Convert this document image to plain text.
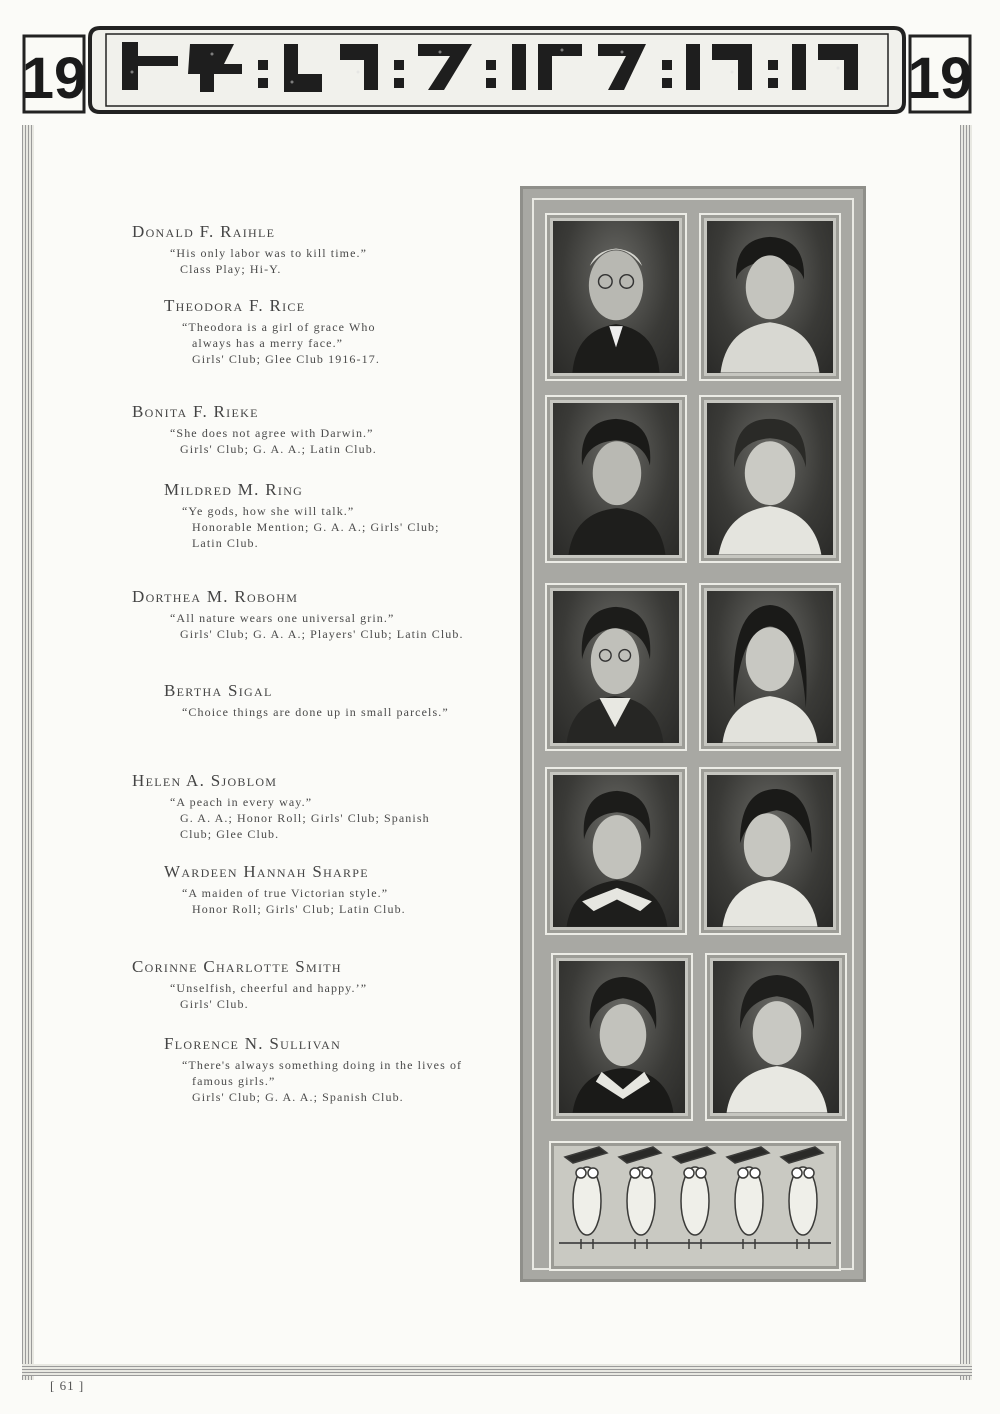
19	19
Donald F. Raihle
“His only labor was to kill time.”
Class Play; Hi-Y.
Theodora F. Rice
“Theodora is a girl of grace Who always has a merry face.”
Girls' Club; Glee Club 1916-17.
Bonita F. Rieke
“She does not agree with Darwin.”
Girls' Club; G. A. A.; Latin Club.
Mildred M. Ring
“Ye gods, how she will talk.”
Honorable Mention; G. A. A.; Girls' Club; Latin Club.
Dorthea M. Robohm
“All nature wears one universal grin.”
Girls' Club; G. A. A.; Players' Club; Latin Club.
Bertha Sigal
“Choice things are done up in small parcels.”
Helen A. Sjoblom
“A peach in every way.”
G. A. A.; Honor Roll; Girls' Club; Spanish Club; Glee Club.
Wardeen Hannah Sharpe
“A maiden of true Victorian style.”
Honor Roll; Girls' Club; Latin Club.
Corinne Charlotte Smith
“Unselfish, cheerful and happy.’”
Girls' Club.
Florence N. Sullivan
“There's always something doing in the lives of famous girls.”
Girls' Club; G. A. A.; Spanish Club.
[ 61 ]
